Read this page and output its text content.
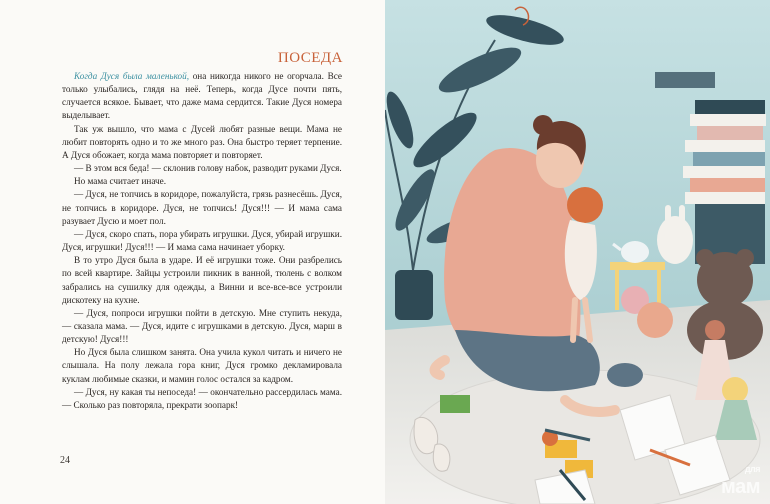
ПОСЕДА

Когда Дуся была маленькой, она никогда никого не огорчала. Все только улыбались, глядя на неё. Теперь, когда Дусе почти пять, случается всякое. Бывает, что даже мама сердится. Такие Дуся номера выделывает.

Так уж вышло, что мама с Дусей любят разные вещи. Мама не любит повторять одно и то же много раз. Она быстро теряет терпение. А Дуся обожает, когда мама повторяет и повторяет.

— В этом вся беда! — склонив голову набок, разводит руками Дуся.

Но мама считает иначе.

— Дуся, не топчись в коридоре, пожалуйста, грязь разнесёшь. Дуся, не топчись в коридоре. Дуся, не топчись! Дуся!!! — И мама сама разувает Дусю и моет пол.

— Дуся, скоро спать, пора убирать игрушки. Дуся, убирай игрушки. Дуся, игрушки! Дуся!!! — И мама сама начинает уборку.

В то утро Дуся была в ударе. И её игрушки тоже. Они разбрелись по всей квартире. Зайцы устроили пикник в ванной, тюлень с волком забрались на сушилку для одежды, а Винни и все-все-все устроили дискотеку на кухне.

— Дуся, попроси игрушки пойти в детскую. Мне ступить некуда, — сказала мама. — Дуся, идите с игрушками в детскую. Дуся, марш в детскую! Дуся!!!

Но Дуся была слишком занята. Она учила кукол читать и ничего не слышала. На полу лежала гора книг, Дуся громко декламировала куклам любимые сказки, и мамин голос остался за кадром.

— Дуся, ну какая ты непоседа! — окончательно рассердилась мама. — Сколько раз повторяла, прекрати зоопарк!

24
для
мам
